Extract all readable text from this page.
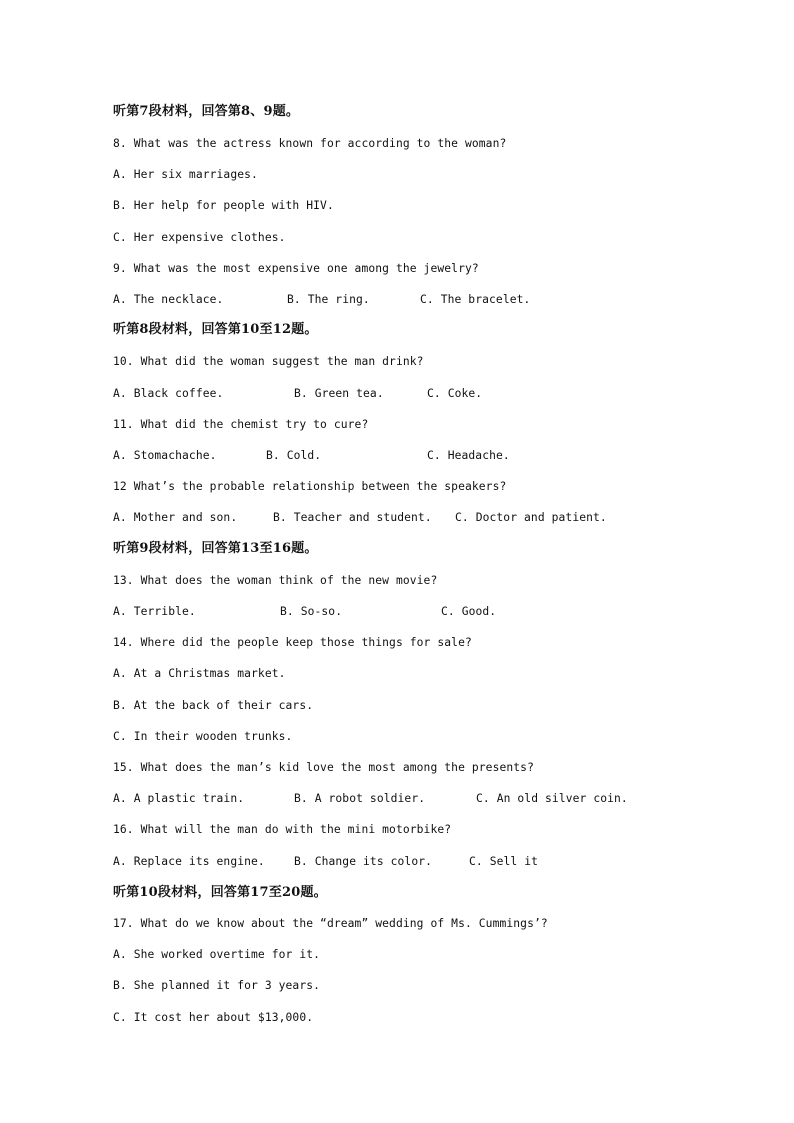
听第7段材料，回答第8、9题。
8. What was the actress known for according to the woman?
A. Her six marriages.
B. Her help for people with HIV.
C. Her expensive clothes.
9. What was the most expensive one among the jewelry?
A. The necklace.	B. The ring.	C. The bracelet.
听第8段材料，回答第10至12题。
10. What did the woman suggest the man drink?
A. Black coffee.	B. Green tea.	C. Coke.
11. What did the chemist try to cure?
A. Stomachache.	B. Cold.	C. Headache.
12 What’s the probable relationship between the speakers?
A. Mother and son.	B. Teacher and student. C. Doctor and patient.
听第9段材料，回答第13至16题。
13. What does the woman think of the new movie?
A. Terrible.	B. So-so.	C. Good.
14. Where did the people keep those things for sale?
A. At a Christmas market.
B. At the back of their cars.
C. In their wooden trunks.
15. What does the man’s kid love the most among the presents?
A. A plastic train.	B. A robot soldier.	C. An old silver coin.
16. What will the man do with the mini motorbike?
A. Replace its engine.	B. Change its color.	C. Sell it
听第10段材料，回答第17至20题。
17. What do we know about the “dream” wedding of Ms. Cummings’?
A. She worked overtime for it.
B. She planned it for 3 years.
C. It cost her about $13,000.
